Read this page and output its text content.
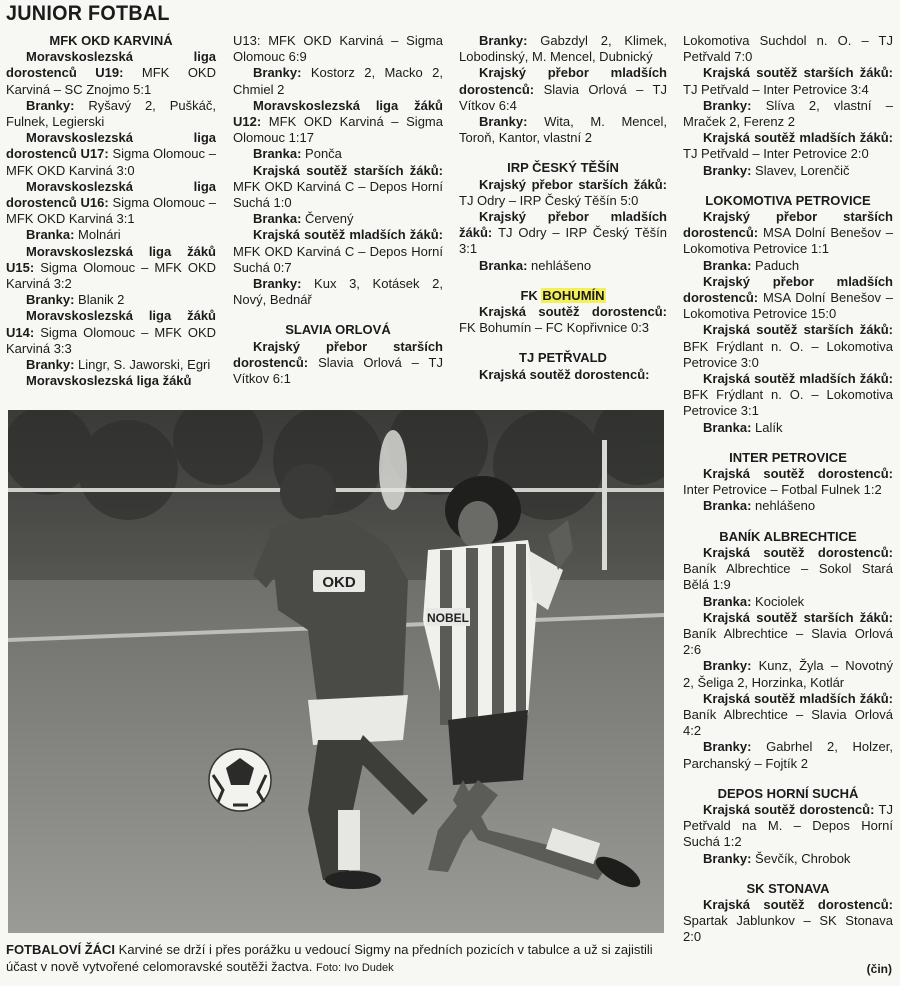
JUNIOR FOTBAL

MFK OKD KARVINÁ

Moravskoslezská liga dorostenců U19: MFK OKD Karviná – SC Znojmo 5:1

Branky: Ryšavý 2, Puškáč, Fulnek, Legierski

Moravskoslezská liga dorostenců U17: Sigma Olomouc – MFK OKD Karviná 3:0

Moravskoslezská liga dorostenců U16: Sigma Olomouc – MFK OKD Karviná 3:1

Branka: Molnári

Moravskoslezská liga žáků U15: Sigma Olomouc – MFK OKD Karviná 3:2

Branky: Blanik 2

Moravskoslezská liga žáků U14: Sigma Olomouc – MFK OKD Karviná 3:3

Branky: Lingr, S. Jaworski, Egri

Moravskoslezská liga žáků

U13: MFK OKD Karviná – Sigma Olomouc 6:9

Branky: Kostorz 2, Macko 2, Chmiel 2

Moravskoslezská liga žáků U12: MFK OKD Karviná – Sigma Olomouc 1:17

Branka: Ponča

Krajská soutěž starších žáků: MFK OKD Karviná C – Depos Horní Suchá 1:0

Branka: Červený

Krajská soutěž mladších žáků: MFK OKD Karviná C – Depos Horní Suchá 0:7

Branky: Kux 3, Kotásek 2, Nový, Bednář

SLAVIA ORLOVÁ

Krajský přebor starších dorostenců: Slavia Orlová – TJ Vítkov 6:1

Branky: Gabzdyl 2, Klimek, Lobodinský, M. Mencel, Dubnický

Krajský přebor mladších dorostenců: Slavia Orlová – TJ Vítkov 6:4

Branky: Wita, M. Mencel, Toroň, Kantor, vlastní 2

IRP ČESKÝ TĚŠÍN

Krajský přebor starších žáků: TJ Odry – IRP Český Těšín 5:0

Krajský přebor mladších žáků: TJ Odry – IRP Český Těšín 3:1

Branka: nehlášeno

FK BOHUMÍN

Krajská soutěž dorostenců: FK Bohumín – FC Kopřivnice 0:3

TJ PETŘVALD

Krajská soutěž dorostenců:

Lokomotiva Suchdol n. O. – TJ Petřvald 7:0

Krajská soutěž starších žáků: TJ Petřvald – Inter Petrovice 3:4

Branky: Slíva 2, vlastní – Mraček 2, Ferenz 2

Krajská soutěž mladších žáků: TJ Petřvald – Inter Petrovice 2:0

Branky: Slavev, Lorenčič

LOKOMOTIVA PETROVICE

Krajský přebor starších dorostenců: MSA Dolní Benešov – Lokomotiva Petrovice 1:1

Branka: Paduch

Krajský přebor mladších dorostenců: MSA Dolní Benešov – Lokomotiva Petrovice 15:0

Krajská soutěž starších žáků: BFK Frýdlant n. O. – Lokomotiva Petrovice 3:0

Krajská soutěž mladších žáků: BFK Frýdlant n. O. – Lokomotiva Petrovice 3:1

Branka: Lalík

INTER PETROVICE

Krajská soutěž dorostenců: Inter Petrovice – Fotbal Fulnek 1:2

Branka: nehlášeno

BANÍK ALBRECHTICE

Krajská soutěž dorostenců: Baník Albrechtice – Sokol Stará Bělá 1:9

Branka: Kociolek

Krajská soutěž starších žáků: Baník Albrechtice – Slavia Orlová 2:6

Branky: Kunz, Žyla – Novotný 2, Šeliga 2, Horzinka, Kotlár

Krajská soutěž mladších žáků: Baník Albrechtice – Slavia Orlová 4:2

Branky: Gabrhel 2, Holzer, Parchanský – Fojtík 2

DEPOS HORNÍ SUCHÁ

Krajská soutěž dorostenců: TJ Petřvald na M. – Depos Horní Suchá 1:2

Branky: Ševčík, Chrobok

SK STONAVA

Krajská soutěž dorostenců: Spartak Jablunkov – SK Stonava 2:0

OKD
NOBEL
FOTBALOVÍ ŽÁCI Karviné se drží i přes porážku u vedoucí Sigmy na předních pozicích v tabulce a už si zajistili účast v nově vytvořené celomoravské soutěži žactva. Foto: Ivo Dudek	(čin)
